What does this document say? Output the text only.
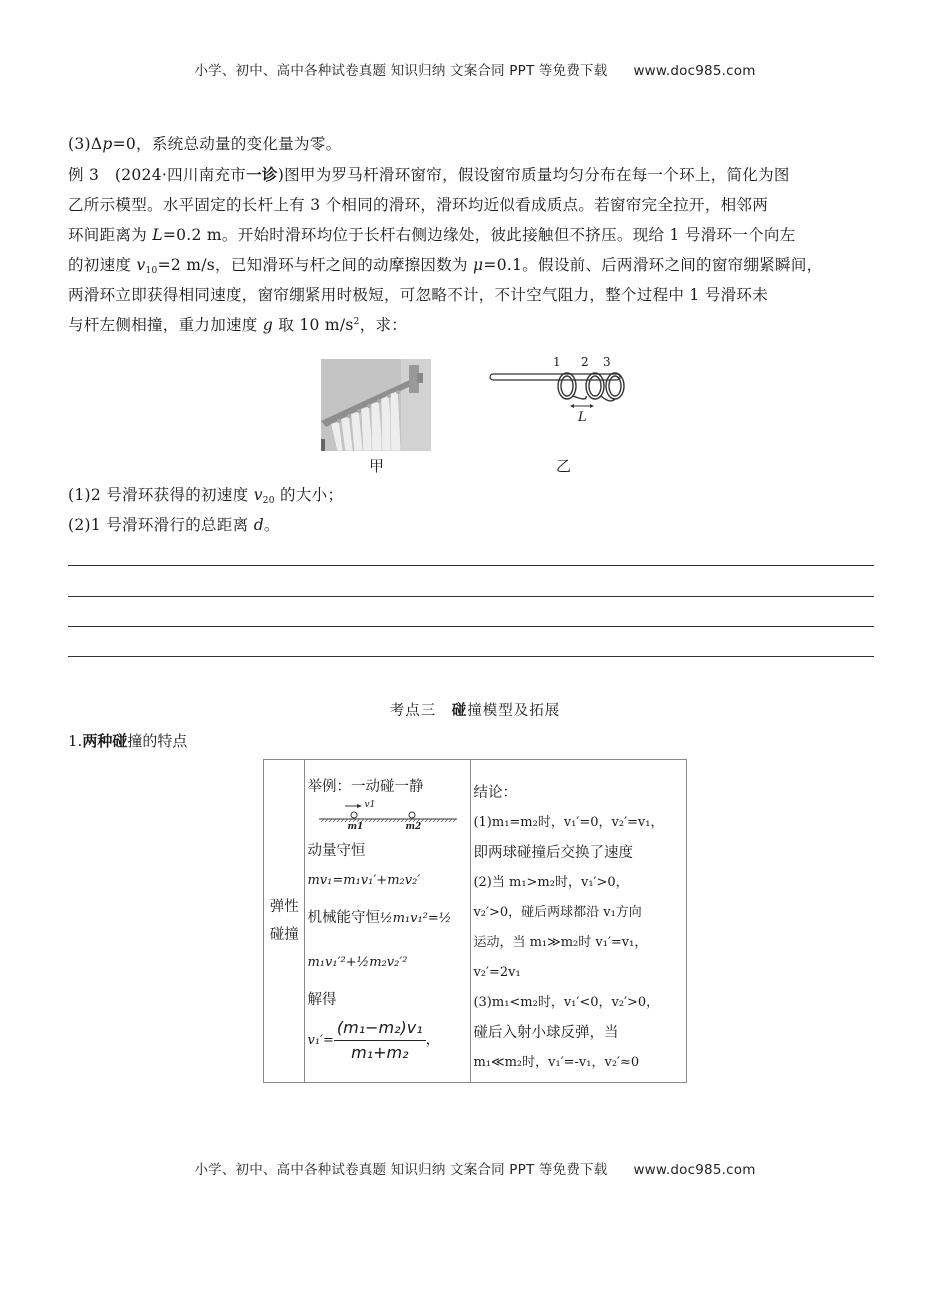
小学、初中、高中各种试卷真题 知识归纳 文案合同 PPT 等免费下载 www.doc985.com
(3)Δp=0，系统总动量的变化量为零。
例 3 (2024·四川南充市一诊)图甲为罗马杆滑环窗帘，假设窗帘质量均匀分布在每一个环上，简化为图
乙所示模型。水平固定的长杆上有 3 个相同的滑环，滑环均近似看成质点。若窗帘完全拉开，相邻两
环间距离为 L=0.2 m。开始时滑环均位于长杆右侧边缘处，彼此接触但不挤压。现给 1 号滑环一个向左
的初速度 $v_{10}=2$ m/s，已知滑环与杆之间的动摩擦因数为 μ=0.1。假设前、后两滑环之间的窗帘绷紧瞬间，
两滑环立即获得相同速度，窗帘绷紧用时极短，可忽略不计，不计空气阻力，整个过程中 1 号滑环未
与杆左侧相撞，重力加速度 g 取 10 $m/s^2$，求：
甲
1 2 3
L
乙
(1)2 号滑环获得的初速度 $v_{20}$ 的大小；
(2)1 号滑环滑行的总距离 d。
考点三　碰撞模型及拓展
1.两种碰撞的特点
弹性
碰撞

举例：一动碰一静
v1
m1	m2
动量守恒
mv₁=m₁v₁′+m₂v₂′
机械能守恒½m₁v₁²=½
m₁v₁′²+½m₂v₂′²
解得
$v_1'= \frac{\text{(m₁−m₂)v₁}}{\text{m₁+m₂}}$ ，

结论：
(1)m₁=m₂时，v₁′=0，v₂′=v₁，
即两球碰撞后交换了速度
(2)当 m₁>m₂时，v₁′>0，
v₂′>0，碰后两球都沿 v₁方向
运动，当 m₁≫m₂时 v₁′=v₁，
v₂′=2v₁
(3)m₁<m₂时，v₁′<0，v₂′>0，
碰后入射小球反弹，当
m₁≪m₂时，v₁′=-v₁，v₂′≈0
小学、初中、高中各种试卷真题 知识归纳 文案合同 PPT 等免费下载 www.doc985.com
